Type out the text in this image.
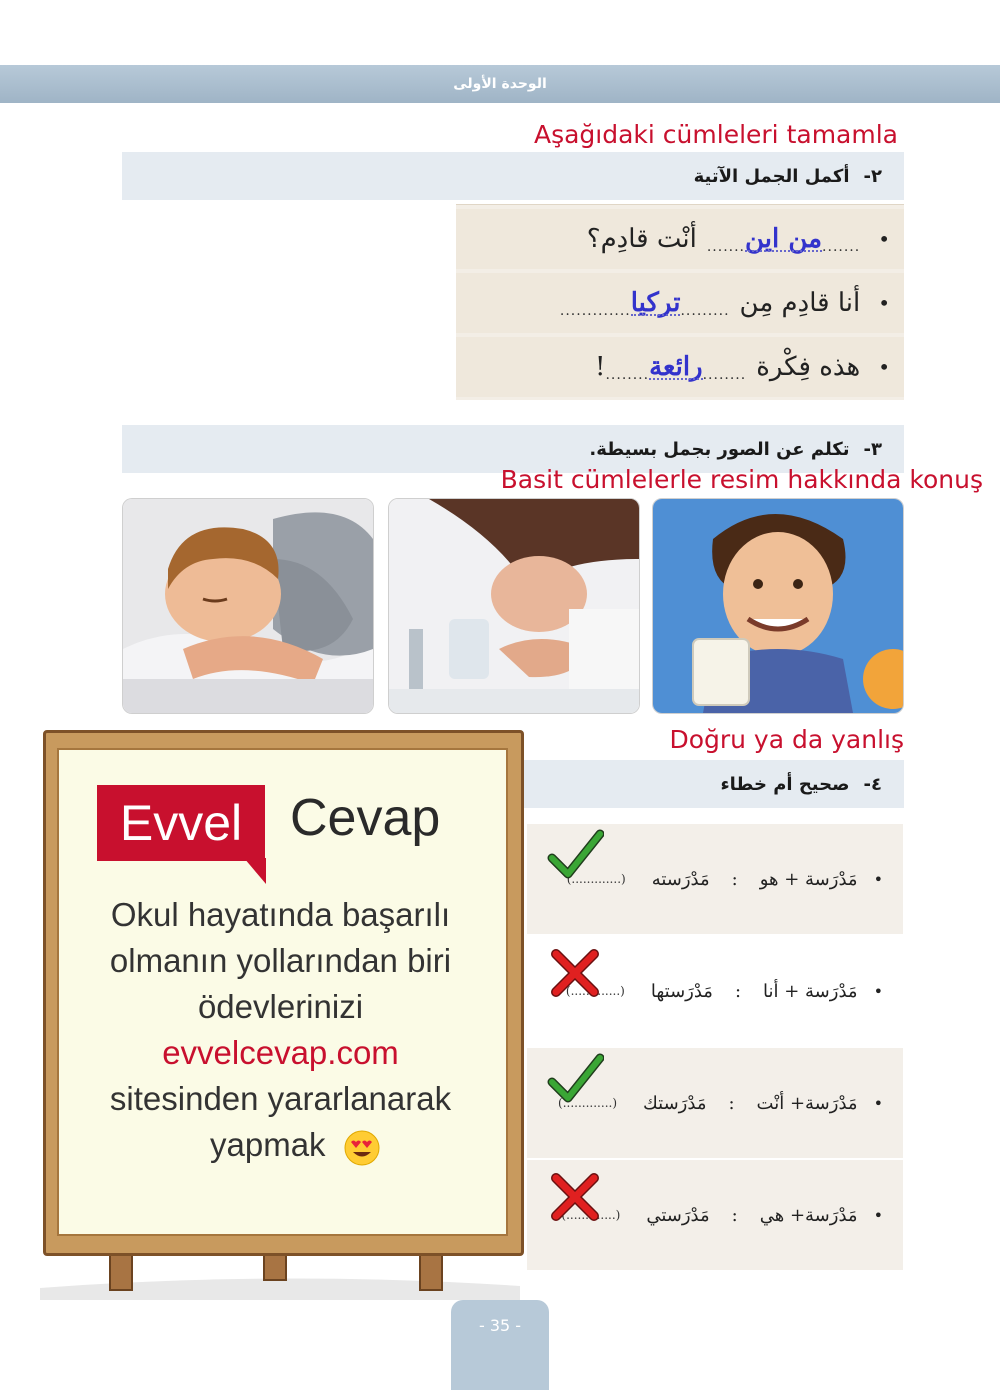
الوحدة الأولى
Aşağıdaki cümleleri tamamla
٢-
أكمل الجمل الآتية
•
.......
من اين
.......
أنْت قادِم؟
•
أنا قادِم مِن
.........
تركيا
.............
•
هذه فِكْرة
........
رائعة
........
!
٣-
تكلم عن الصور بجمل بسيطة.
Basit cümlelerle resim hakkında konuş
Doğru ya da yanlış
٤-
صحيح أم خطاء
•
مَدْرَسة + هو
:
مَدْرَسته
(.............)
•
مَدْرَسة + أنا
:
مَدْرَستها
(.............)
•
مَدْرَسة+ أنْت
:
مَدْرَستك
(.............)
•
مَدْرَسة+ هي
:
مَدْرَستي
(.............)
Evvel Cevap
Okul hayatında başarılı
olmanın yollarından biri
ödevlerinizi
evvelcevap.com
sitesinden yararlanarak
yapmak
- 35 -
